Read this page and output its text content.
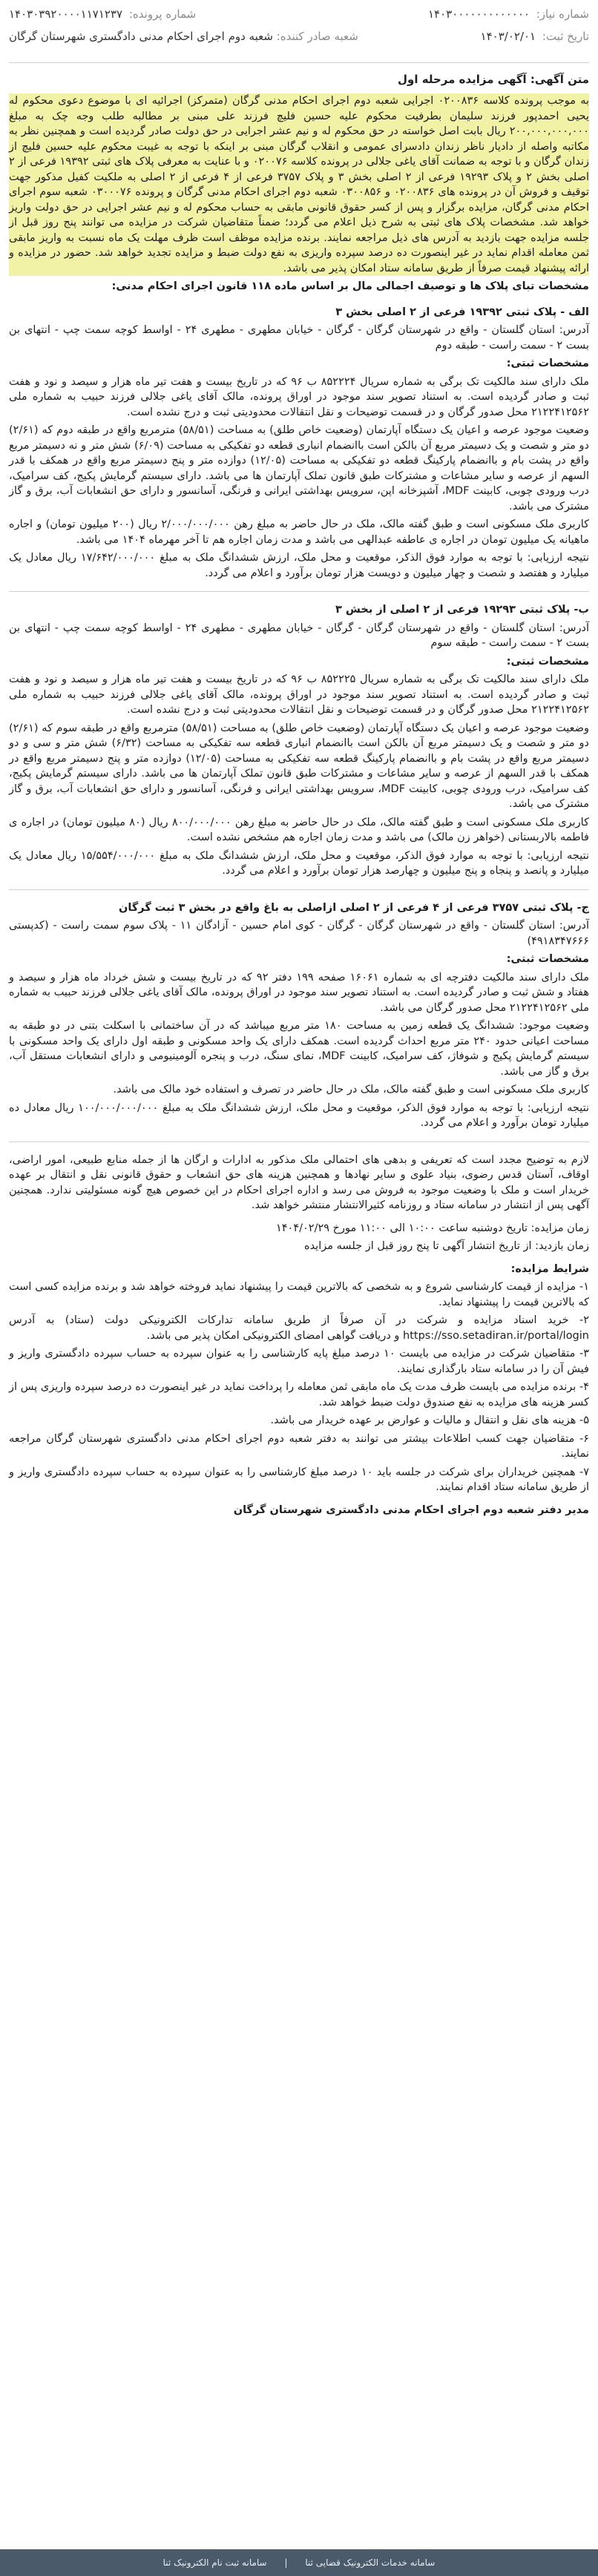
شماره نیاز: ۱۴۰۳۰۰۰۰۰۰۰۰۰۰۰۰۰
شماره پرونده: ۱۴۰۳۰۳۹۲۰۰۰۰۱۱۷۱۲۳۷
تاریخ ثبت: ۱۴۰۳/۰۲/۰۱
شعبه صادر کننده: شعبه دوم اجرای احکام مدنی دادگستری شهرستان گرگان
متن آگهی: آگهی مزایده مرحله اول

به موجب پرونده کلاسه ۰۲۰۰۸۳۶ اجرایی شعبه دوم اجرای احکام مدنی گرگان (متمرکز) اجرائیه ای با موضوع دعوی محکوم له یحیی احمدپور فرزند سلیمان بطرفیت محکوم علیه حسین فلیچ فرزند علی مبنی بر مطالبه طلب وجه چک به مبلغ ۲۰۰,۰۰۰,۰۰۰,۰۰۰ ریال بابت اصل خواسته در حق محکوم له و نیم عشر اجرایی در حق دولت صادر گردیده است و همچنین نظر به مکاتبه واصله از دادیار ناظر زندان دادسرای عمومی و انقلاب گرگان مبنی بر اینکه با توجه به غیبت محکوم علیه حسین فلیچ از زندان گرگان و با توجه به ضمانت آقای یاغی جلالی در پرونده کلاسه ۰۲۰۰۷۶ و با عنایت به معرفی پلاک های ثبتی ۱۹۳۹۲ فرعی از ۲ اصلی بخش ۲ و پلاک ۱۹۲۹۳ فرعی از ۲ اصلی بخش ۳ و پلاک ۳۷۵۷ فرعی از ۴ فرعی از ۲ اصلی به ملکیت کفیل مذکور جهت توقیف و فروش آن در پرونده های ۰۲۰۰۸۳۶ و ۰۳۰۰۸۵۶ شعبه دوم اجرای احکام مدنی گرگان و پرونده ۰۳۰۰۰۷۶ شعبه سوم اجرای احکام مدنی گرگان، مزایده برگزار و پس از کسر حقوق قانونی مابقی به حساب محکوم له و نیم عشر اجرایی در حق دولت واریز خواهد شد. مشخصات پلاک های ثبتی به شرح ذیل اعلام می گردد؛ ضمناً متقاضیان شرکت در مزایده می توانند پنج روز قبل از جلسه مزایده جهت بازدید به آدرس های ذیل مراجعه نمایند. برنده مزایده موظف است ظرف مهلت یک ماه نسبت به واریز مابقی ثمن معامله اقدام نماید در غیر اینصورت ده درصد سپرده واریزی به نفع دولت ضبط و مزایده تجدید خواهد شد. حضور در مزایده و ارائه پیشنهاد قیمت صرفاً از طریق سامانه ستاد امکان پذیر می باشد.

مشخصات تبای پلاک ها و توصیف اجمالی مال بر اساس ماده ۱۱۸ قانون اجرای احکام مدنی:

الف - پلاک ثبتی ۱۹۳۹۲ فرعی از ۲ اصلی بخش ۳

آدرس: استان گلستان - واقع در شهرستان گرگان - گرگان - خیابان مطهری - مطهری ۲۴ - اواسط کوچه سمت چپ - انتهای بن بست ۲ - سمت راست - طبقه دوم

مشخصات ثبتی:

ملک دارای سند مالکیت تک برگی به شماره سریال ۸۵۲۲۲۴ ب ۹۶ که در تاریخ بیست و هفت تیر ماه هزار و سیصد و نود و هفت ثبت و صادر گردیده است. به استناد تصویر سند موجود در اوراق پرونده، مالک آقای یاغی جلالی فرزند حبیب به شماره ملی ۲۱۲۲۴۱۲۵۶۲ محل صدور گرگان و در قسمت توضیحات و نقل انتقالات محدودیتی ثبت و درج نشده است.

وضعیت موجود عرصه و اعیان یک دستگاه آپارتمان (وضعیت خاص طلق) به مساحت (۵۸/۵۱) مترمربع واقع در طبقه دوم که (۲/۶۱) دو متر و شصت و یک دسیمتر مربع آن بالکن است باانضمام انباری قطعه دو تفکیکی به مساحت (۶/۰۹) شش متر و نه دسیمتر مربع واقع در پشت بام و باانضمام پارکینگ قطعه دو تفکیکی به مساحت (۱۲/۰۵) دوازده متر و پنج دسیمتر مربع واقع در همکف با قدر السهم از عرصه و سایر مشاعات و مشترکات طبق قانون تملک آپارتمان ها می باشد. دارای سیستم گرمایش پکیج، کف سرامیک، درب ورودی چوبی، کابینت MDF، آشپزخانه اپن، سرویس بهداشتی ایرانی و فرنگی، آسانسور و دارای حق انشعابات آب، برق و گاز مشترک می باشد.

کاربری ملک مسکونی است و طبق گفته مالک، ملک در حال حاضر به مبلغ رهن ۲/۰۰۰/۰۰۰/۰۰۰ ریال (۲۰۰ میلیون تومان) و اجاره ماهیانه یک میلیون تومان در اجاره ی عاطفه عبدالهی می باشد و مدت زمان اجاره هم تا آخر مهرماه ۱۴۰۴ می باشد.

نتیجه ارزیابی: با توجه به موارد فوق الذکر، موقعیت و محل ملک، ارزش ششدانگ ملک به مبلغ ۱۷/۶۴۲/۰۰۰/۰۰۰ ریال معادل یک میلیارد و هفتصد و شصت و چهار میلیون و دویست هزار تومان برآورد و اعلام می گردد.

ب- پلاک ثبتی ۱۹۲۹۳ فرعی از ۲ اصلی از بخش ۳

آدرس: استان گلستان - واقع در شهرستان گرگان - گرگان - خیابان مطهری - مطهری ۲۴ - اواسط کوچه سمت چپ - انتهای بن بست ۲ - سمت راست - طبقه سوم

مشخصات ثبتی:

ملک دارای سند مالکیت تک برگی به شماره سریال ۸۵۲۲۲۵ ب ۹۶ که در تاریخ بیست و هفت تیر ماه هزار و سیصد و نود و هفت ثبت و صادر گردیده است. به استناد تصویر سند موجود در اوراق پرونده، مالک آقای یاغی جلالی فرزند حبیب به شماره ملی ۲۱۲۲۴۱۲۵۶۲ محل صدور گرگان و در قسمت توضیحات و نقل انتقالات محدودیتی ثبت و درج نشده است.

وضعیت موجود عرصه و اعیان یک دستگاه آپارتمان (وضعیت خاص طلق) به مساحت (۵۸/۵۱) مترمربع واقع در طبقه سوم که (۲/۶۱) دو متر و شصت و یک دسیمتر مربع آن بالکن است باانضمام انباری قطعه سه تفکیکی به مساحت (۶/۳۲) شش متر و سی و دو دسیمتر مربع واقع در پشت بام و باانضمام پارکینگ قطعه سه تفکیکی به مساحت (۱۲/۰۵) دوازده متر و پنج دسیمتر مربع واقع در همکف با قدر السهم از عرصه و سایر مشاعات و مشترکات طبق قانون تملک آپارتمان ها می باشد. دارای سیستم گرمایش پکیج، کف سرامیک، درب ورودی چوبی، کابینت MDF، سرویس بهداشتی ایرانی و فرنگی، آسانسور و دارای حق انشعابات آب، برق و گاز مشترک می باشد.

کاربری ملک مسکونی است و طبق گفته مالک، ملک در حال حاضر به مبلغ رهن ۸۰۰/۰۰۰/۰۰۰ ریال (۸۰ میلیون تومان) در اجاره ی فاطمه بالاربستانی (خواهر زن مالک) می باشد و مدت زمان اجاره هم مشخص نشده است.

نتیجه ارزیابی: با توجه به موارد فوق الذکر، موقعیت و محل ملک، ارزش ششدانگ ملک به مبلغ ۱۵/۵۵۴/۰۰۰/۰۰۰ ریال معادل یک میلیارد و پانصد و پنجاه و پنج میلیون و چهارصد هزار تومان برآورد و اعلام می گردد.

ج- پلاک ثبتی ۳۷۵۷ فرعی از ۴ فرعی از ۲ اصلی ازاصلی به باغ واقع در بخش ۳ ثبت گرگان

آدرس: استان گلستان - واقع در شهرستان گرگان - گرگان - کوی امام حسین - آزادگان ۱۱ - پلاک سوم سمت راست - (کدپستی ۴۹۱۸۳۴۷۶۶۶)

مشخصات ثبتی:

ملک دارای سند مالکیت دفترچه ای به شماره ۱۶۰۶۱ صفحه ۱۹۹ دفتر ۹۲ که در تاریخ بیست و شش خرداد ماه هزار و سیصد و هفتاد و شش ثبت و صادر گردیده است. به استناد تصویر سند موجود در اوراق پرونده، مالک آقای یاغی جلالی فرزند حبیب به شماره ملی ۲۱۲۲۴۱۲۵۶۲ محل صدور گرگان می باشد.

وضعیت موجود: ششدانگ یک قطعه زمین به مساحت ۱۸۰ متر مربع میباشد که در آن ساختمانی با اسکلت بتنی در دو طبقه به مساحت اعیانی حدود ۲۴۰ متر مربع احداث گردیده است. همکف دارای یک واحد مسکونی و طبقه اول دارای یک واحد مسکونی با سیستم گرمایش پکیج و شوفاژ، کف سرامیک، کابینت MDF، نمای سنگ، درب و پنجره آلومینیومی و دارای انشعابات مستقل آب، برق و گاز می باشد.

کاربری ملک مسکونی است و طبق گفته مالک، ملک در حال حاضر در تصرف و استفاده خود مالک می باشد.

نتیجه ارزیابی: با توجه به موارد فوق الذکر، موقعیت و محل ملک، ارزش ششدانگ ملک به مبلغ ۱۰۰/۰۰۰/۰۰۰/۰۰۰ ریال معادل ده میلیارد تومان برآورد و اعلام می گردد.

لازم به توضیح مجدد است که تعریفی و بدهی های احتمالی ملک مذکور به ادارات و ارگان ها از جمله منابع طبیعی، امور اراضی، اوقاف، آستان قدس رضوی، بنیاد علوی و سایر نهادها و همچنین هزینه های حق انشعاب و حقوق قانونی نقل و انتقال بر عهده خریدار است و ملک با وضعیت موجود به فروش می رسد و اداره اجرای احکام در این خصوص هیچ گونه مسئولیتی ندارد. همچنین آگهی پس از انتشار در سامانه ستاد و روزنامه کثیرالانتشار منتشر خواهد شد.

زمان مزایده: تاریخ دوشنبه ساعت ۱۰:۰۰ الی ۱۱:۰۰ مورخ ۱۴۰۴/۰۲/۲۹

زمان بازدید: از تاریخ انتشار آگهی تا پنج روز قبل از جلسه مزایده

شرایط مزایده:

۱- مزایده از قیمت کارشناسی شروع و به شخصی که بالاترین قیمت را پیشنهاد نماید فروخته خواهد شد و برنده مزایده کسی است که بالاترین قیمت را پیشنهاد نماید.

۲- خرید اسناد مزایده و شرکت در آن صرفاً از طریق سامانه تدارکات الکترونیکی دولت (ستاد) به آدرس https://sso.setadiran.ir/portal/login و دریافت گواهی امضای الکترونیکی امکان پذیر می باشد.

۳- متقاضیان شرکت در مزایده می بایست ۱۰ درصد مبلغ پایه کارشناسی را به عنوان سپرده به حساب سپرده دادگستری واریز و فیش آن را در سامانه ستاد بارگذاری نمایند.

۴- برنده مزایده می بایست ظرف مدت یک ماه مابقی ثمن معامله را پرداخت نماید در غیر اینصورت ده درصد سپرده واریزی پس از کسر هزینه های مزایده به نفع صندوق دولت ضبط خواهد شد.

۵- هزینه های نقل و انتقال و مالیات و عوارض بر عهده خریدار می باشد.

۶- متقاضیان جهت کسب اطلاعات بیشتر می توانند به دفتر شعبه دوم اجرای احکام مدنی دادگستری شهرستان گرگان مراجعه نمایند.

۷- همچنین خریداران برای شرکت در جلسه باید ۱۰ درصد مبلغ کارشناسی را به عنوان سپرده به حساب سپرده دادگستری واریز و از طریق سامانه ستاد اقدام نمایند.

مدیر دفتر شعبه دوم اجرای احکام مدنی دادگستری شهرستان گرگان

سامانه خدمات الکترونیک قضایی ثنا | سامانه ثبت نام الکترونیک ثنا
